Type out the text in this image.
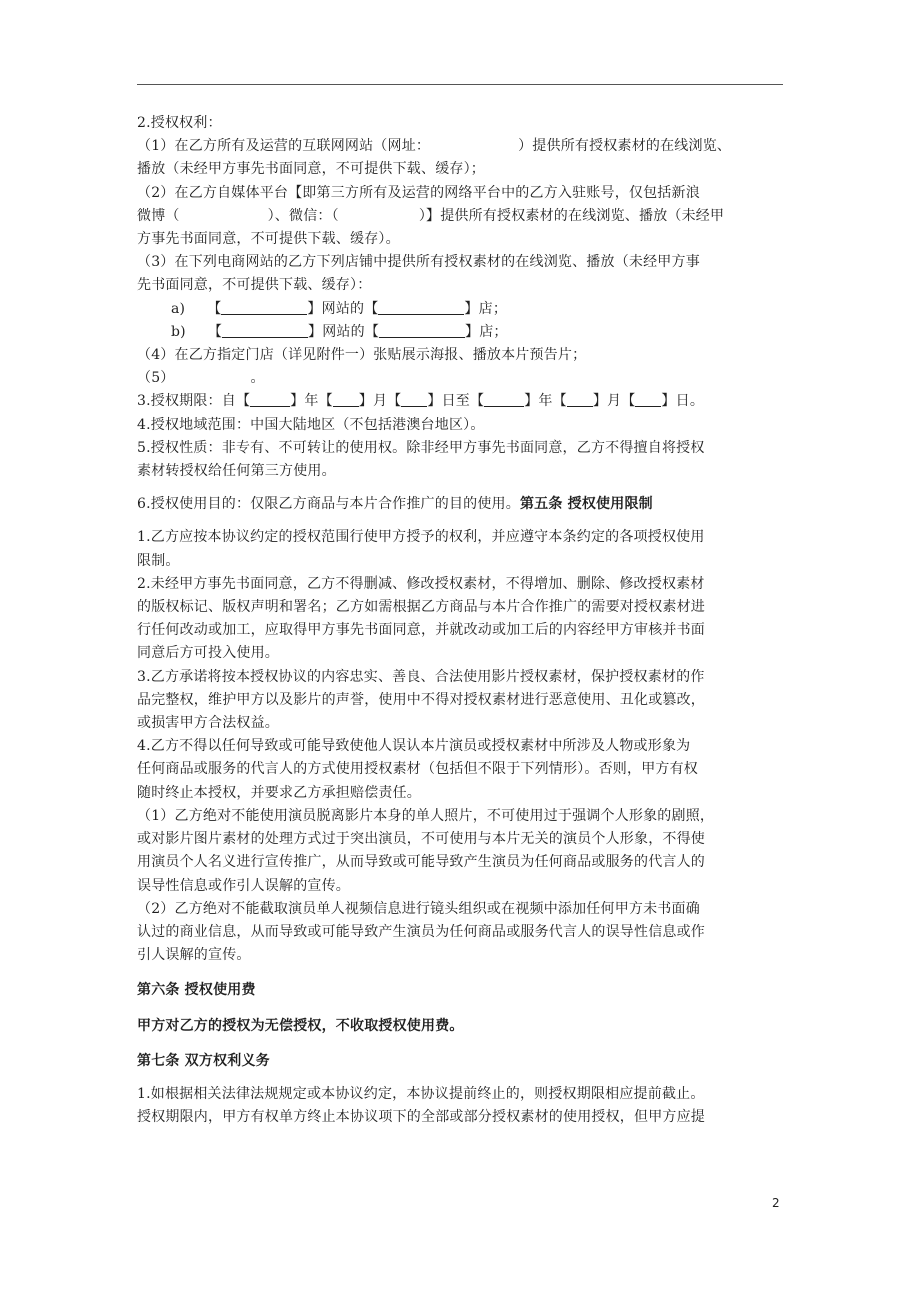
2.授权权利：

（1）在乙方所有及运营的互联网网站（网址：	）提供所有授权素材的在线浏览、

播放（未经甲方事先书面同意，不可提供下载、缓存）；

（2）在乙方自媒体平台【即第三方所有及运营的网络平台中的乙方入驻账号，仅包括新浪

微博（	）、微信：（	）】提供所有授权素材的在线浏览、播放（未经甲

方事先书面同意，不可提供下载、缓存）。

（3）在下列电商网站的乙方下列店铺中提供所有授权素材的在线浏览、播放（未经甲方事

先书面同意，不可提供下载、缓存）：

a) 【	】网站的【	】店；

b) 【	】网站的【	】店；

（4）在乙方指定门店（详见附件一）张贴展示海报、播放本片预告片；

（5）	。

3.授权期限：自【	】年【 】月【 】日至【	】年【 】月【 】日。

4.授权地域范围：中国大陆地区（不包括港澳台地区）。

5.授权性质：非专有、不可转让的使用权。除非经甲方事先书面同意，乙方不得擅自将授权

素材转授权给任何第三方使用。

6.授权使用目的：仅限乙方商品与本片合作推广的目的使用。第五条 授权使用限制

1.乙方应按本协议约定的授权范围行使甲方授予的权利，并应遵守本条约定的各项授权使用

限制。

2.未经甲方事先书面同意，乙方不得删减、修改授权素材，不得增加、删除、修改授权素材

的版权标记、版权声明和署名；乙方如需根据乙方商品与本片合作推广的需要对授权素材进

行任何改动或加工，应取得甲方事先书面同意，并就改动或加工后的内容经甲方审核并书面

同意后方可投入使用。

3.乙方承诺将按本授权协议的内容忠实、善良、合法使用影片授权素材，保护授权素材的作

品完整权，维护甲方以及影片的声誉，使用中不得对授权素材进行恶意使用、丑化或篡改，

或损害甲方合法权益。

4.乙方不得以任何导致或可能导致使他人误认本片演员或授权素材中所涉及人物或形象为

任何商品或服务的代言人的方式使用授权素材（包括但不限于下列情形）。否则，甲方有权

随时终止本授权，并要求乙方承担赔偿责任。

（1）乙方绝对不能使用演员脱离影片本身的单人照片，不可使用过于强调个人形象的剧照，

或对影片图片素材的处理方式过于突出演员，不可使用与本片无关的演员个人形象，不得使

用演员个人名义进行宣传推广，从而导致或可能导致产生演员为任何商品或服务的代言人的

误导性信息或作引人误解的宣传。

（2）乙方绝对不能截取演员单人视频信息进行镜头组织或在视频中添加任何甲方未书面确

认过的商业信息，从而导致或可能导致产生演员为任何商品或服务代言人的误导性信息或作

引人误解的宣传。

第六条 授权使用费

甲方对乙方的授权为无偿授权，不收取授权使用费。

第七条 双方权利义务

1.如根据相关法律法规规定或本协议约定，本协议提前终止的，则授权期限相应提前截止。

授权期限内，甲方有权单方终止本协议项下的全部或部分授权素材的使用授权，但甲方应提

2
